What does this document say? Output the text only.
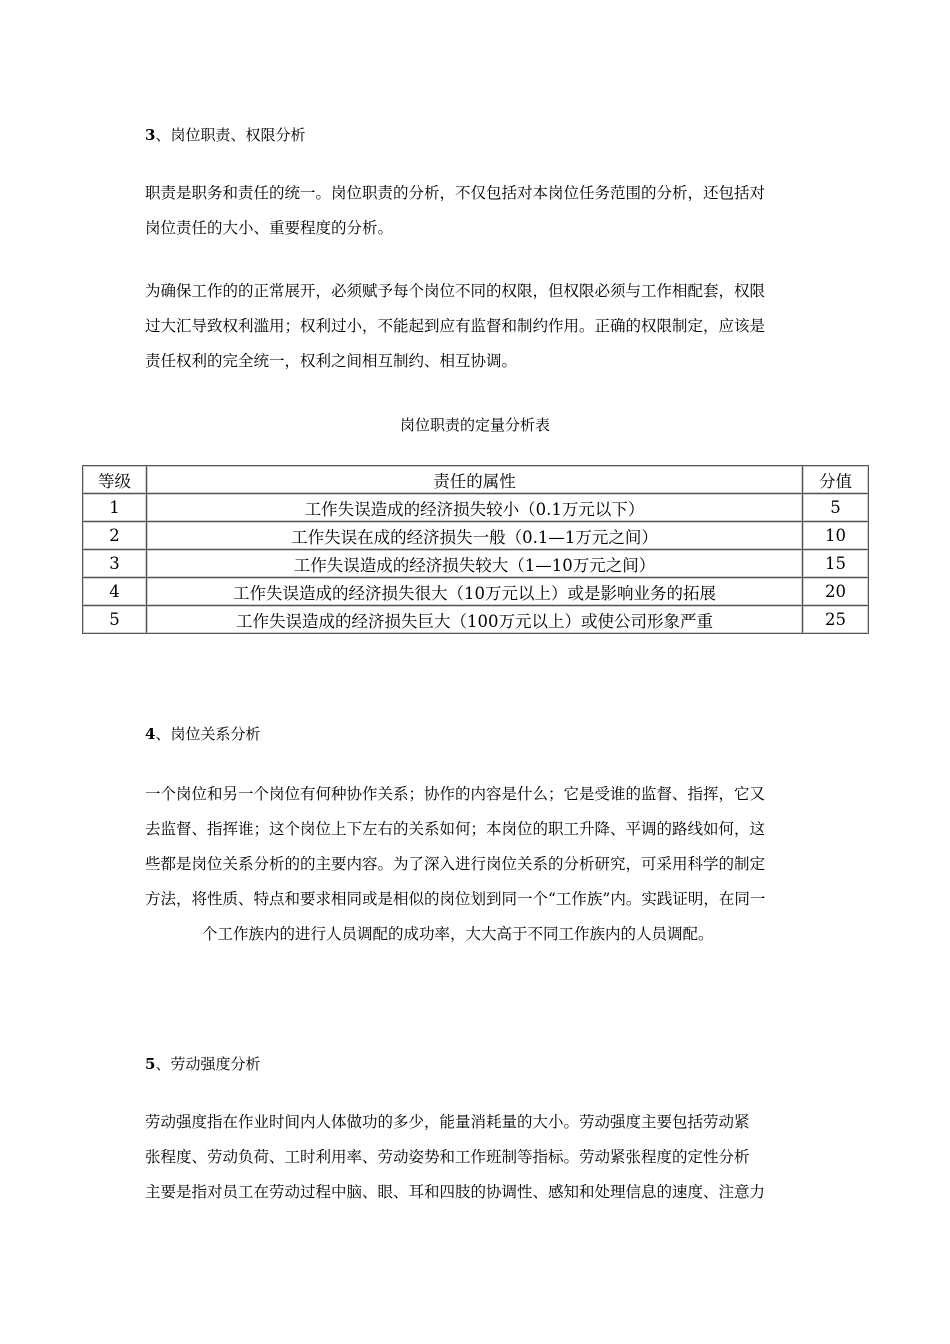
3、岗位职责、权限分析
职责是职务和责任的统一。岗位职责的分析，不仅包括对本岗位任务范围的分析，还包括对
岗位责任的大小、重要程度的分析。
为确保工作的的正常展开，必须赋予每个岗位不同的权限，但权限必须与工作相配套，权限
过大汇导致权利滥用；权利过小，不能起到应有监督和制约作用。正确的权限制定，应该是
责任权利的完全统一，权利之间相互制约、相互协调。
岗位职责的定量分析表
等级	责任的属性	分值
1	工作失误造成的经济损失较小（0.1万元以下）	5
2	工作失误在成的经济损失一般（0.1—1万元之间）	10
3	工作失误造成的经济损失较大（1—10万元之间）	15
4	工作失误造成的经济损失很大（10万元以上）或是影响业务的拓展	20
5	工作失误造成的经济损失巨大（100万元以上）或使公司形象严重	25
4、岗位关系分析
一个岗位和另一个岗位有何种协作关系；协作的内容是什么；它是受谁的监督、指挥，它又
去监督、指挥谁；这个岗位上下左右的关系如何；本岗位的职工升降、平调的路线如何，这
些都是岗位关系分析的的主要内容。为了深入进行岗位关系的分析研究，可采用科学的制定
方法，将性质、特点和要求相同或是相似的岗位划到同一个“工作族”内。实践证明，在同一
个工作族内的进行人员调配的成功率，大大高于不同工作族内的人员调配。
5、劳动强度分析
劳动强度指在作业时间内人体做功的多少，能量消耗量的大小。劳动强度主要包括劳动紧
张程度、劳动负荷、工时利用率、劳动姿势和工作班制等指标。劳动紧张程度的定性分析
主要是指对员工在劳动过程中脑、眼、耳和四肢的协调性、感知和处理信息的速度、注意力
